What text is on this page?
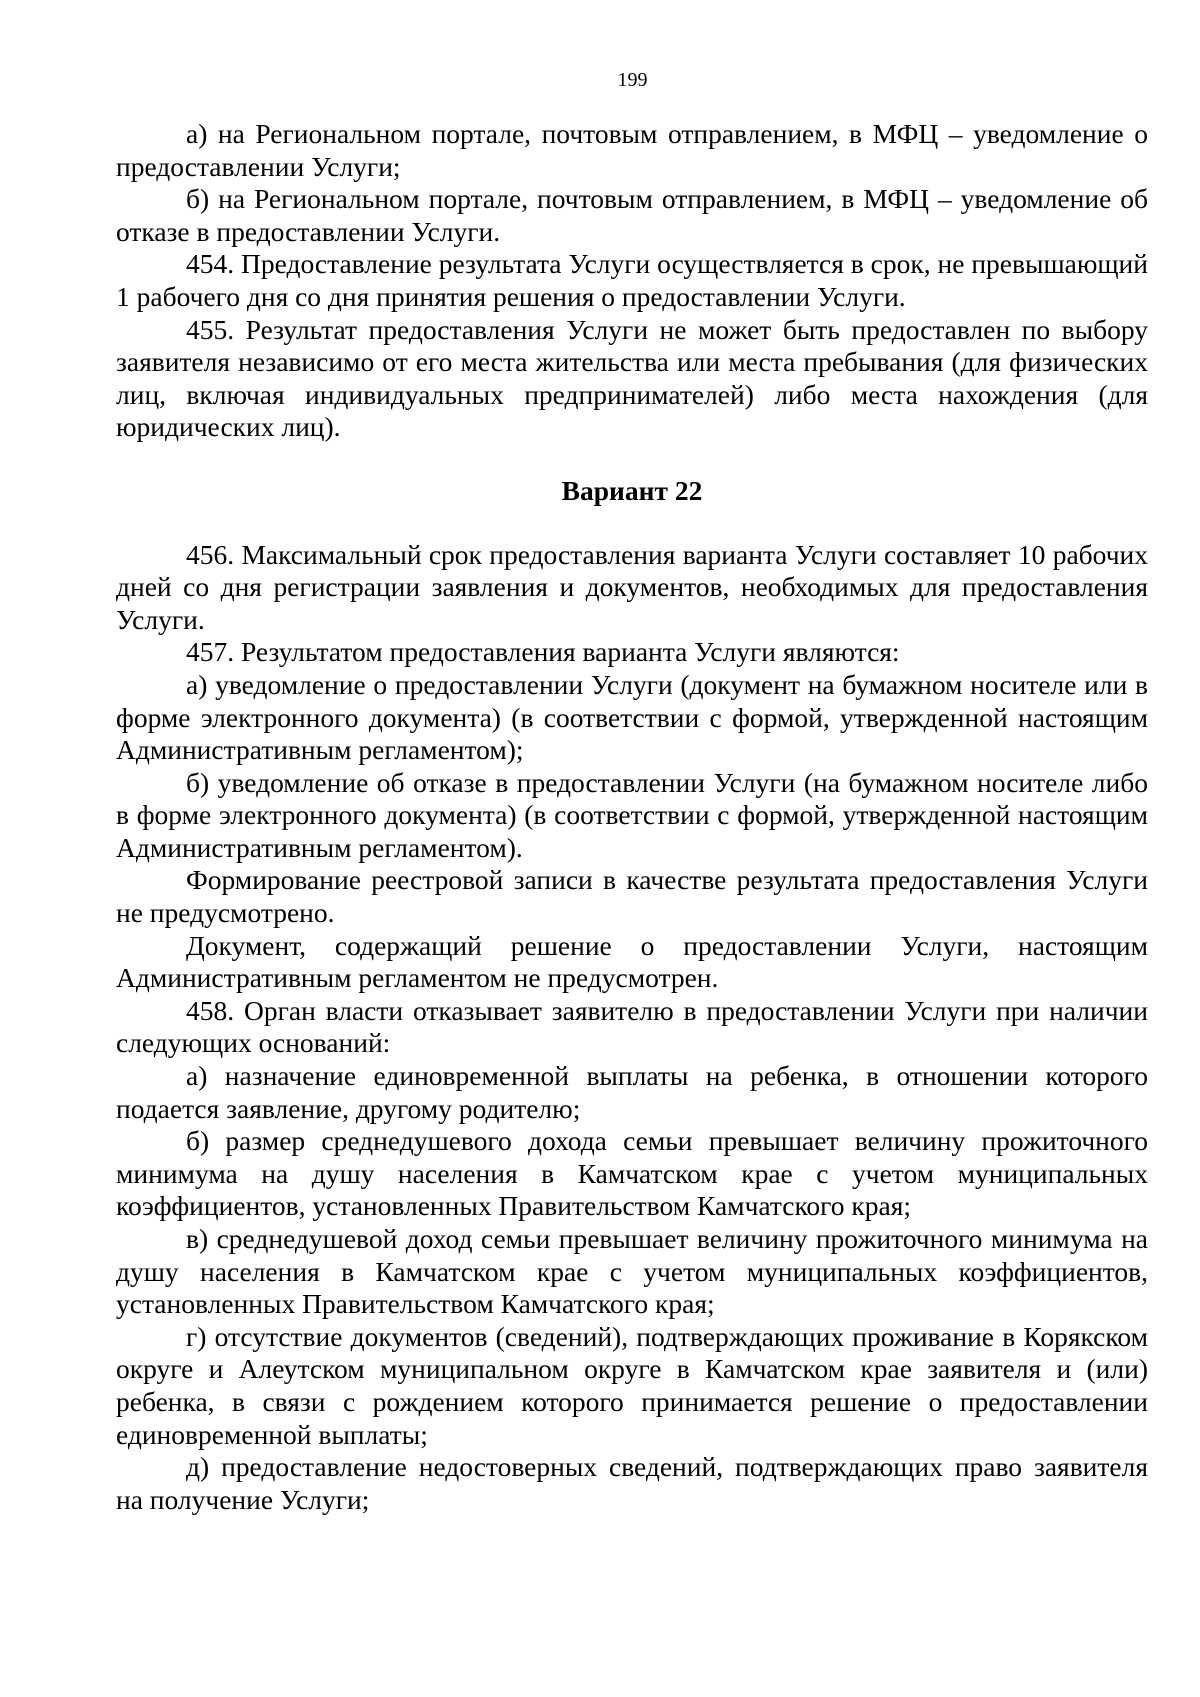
199

а) на Региональном портале, почтовым отправлением, в МФЦ – уведомление о предоставлении Услуги;

б) на Региональном портале, почтовым отправлением, в МФЦ – уведомление об отказе в предоставлении Услуги.

454. Предоставление результата Услуги осуществляется в срок, не превышающий 1 рабочего дня со дня принятия решения о предоставлении Услуги.

455. Результат предоставления Услуги не может быть предоставлен по выбору заявителя независимо от его места жительства или места пребывания (для физических лиц, включая индивидуальных предпринимателей) либо места нахождения (для юридических лиц).

Вариант 22

456. Максимальный срок предоставления варианта Услуги составляет 10 рабочих дней со дня регистрации заявления и документов, необходимых для предоставления Услуги.

457. Результатом предоставления варианта Услуги являются:

а) уведомление о предоставлении Услуги (документ на бумажном носителе или в форме электронного документа) (в соответствии с формой, утвержденной настоящим Административным регламентом);

б) уведомление об отказе в предоставлении Услуги (на бумажном носителе либо в форме электронного документа) (в соответствии с формой, утвержденной настоящим Административным регламентом).

Формирование реестровой записи в качестве результата предоставления Услуги не предусмотрено.

Документ, содержащий решение о предоставлении Услуги, настоящим Административным регламентом не предусмотрен.

458. Орган власти отказывает заявителю в предоставлении Услуги при наличии следующих оснований:

а) назначение единовременной выплаты на ребенка, в отношении которого подается заявление, другому родителю;

б) размер среднедушевого дохода семьи превышает величину прожиточного минимума на душу населения в Камчатском крае с учетом муниципальных коэффициентов, установленных Правительством Камчатского края;

в) среднедушевой доход семьи превышает величину прожиточного минимума на душу населения в Камчатском крае с учетом муниципальных коэффициентов, установленных Правительством Камчатского края;

г) отсутствие документов (сведений), подтверждающих проживание в Корякском округе и Алеутском муниципальном округе в Камчатском крае заявителя и (или) ребенка, в связи с рождением которого принимается решение о предоставлении единовременной выплаты;

д) предоставление недостоверных сведений, подтверждающих право заявителя на получение Услуги;
